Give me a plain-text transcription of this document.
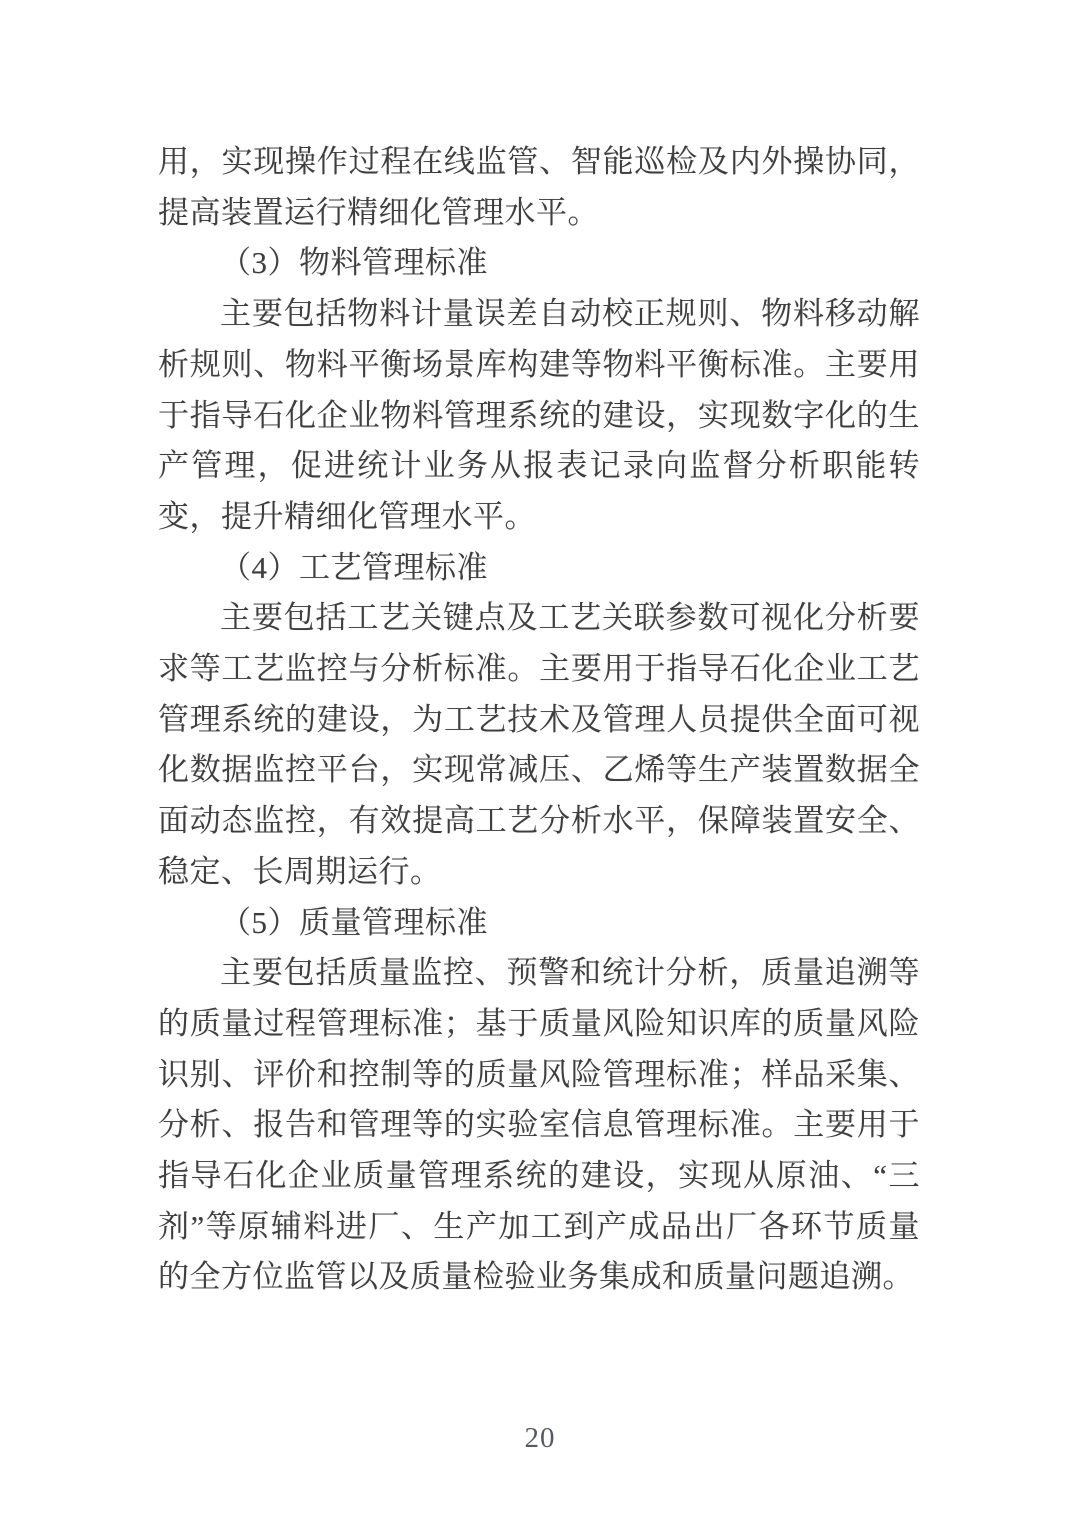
用，实现操作过程在线监管、智能巡检及内外操协同，提高装置运行精细化管理水平。

（3）物料管理标准

主要包括物料计量误差自动校正规则、物料移动解析规则、物料平衡场景库构建等物料平衡标准。主要用于指导石化企业物料管理系统的建设，实现数字化的生产管理，促进统计业务从报表记录向监督分析职能转变，提升精细化管理水平。

（4）工艺管理标准

主要包括工艺关键点及工艺关联参数可视化分析要求等工艺监控与分析标准。主要用于指导石化企业工艺管理系统的建设，为工艺技术及管理人员提供全面可视化数据监控平台，实现常减压、乙烯等生产装置数据全面动态监控，有效提高工艺分析水平，保障装置安全、稳定、长周期运行。

（5）质量管理标准

主要包括质量监控、预警和统计分析，质量追溯等的质量过程管理标准；基于质量风险知识库的质量风险识别、评价和控制等的质量风险管理标准；样品采集、分析、报告和管理等的实验室信息管理标准。主要用于指导石化企业质量管理系统的建设，实现从原油、“三剂”等原辅料进厂、生产加工到产成品出厂各环节质量的全方位监管以及质量检验业务集成和质量问题追溯。

20
